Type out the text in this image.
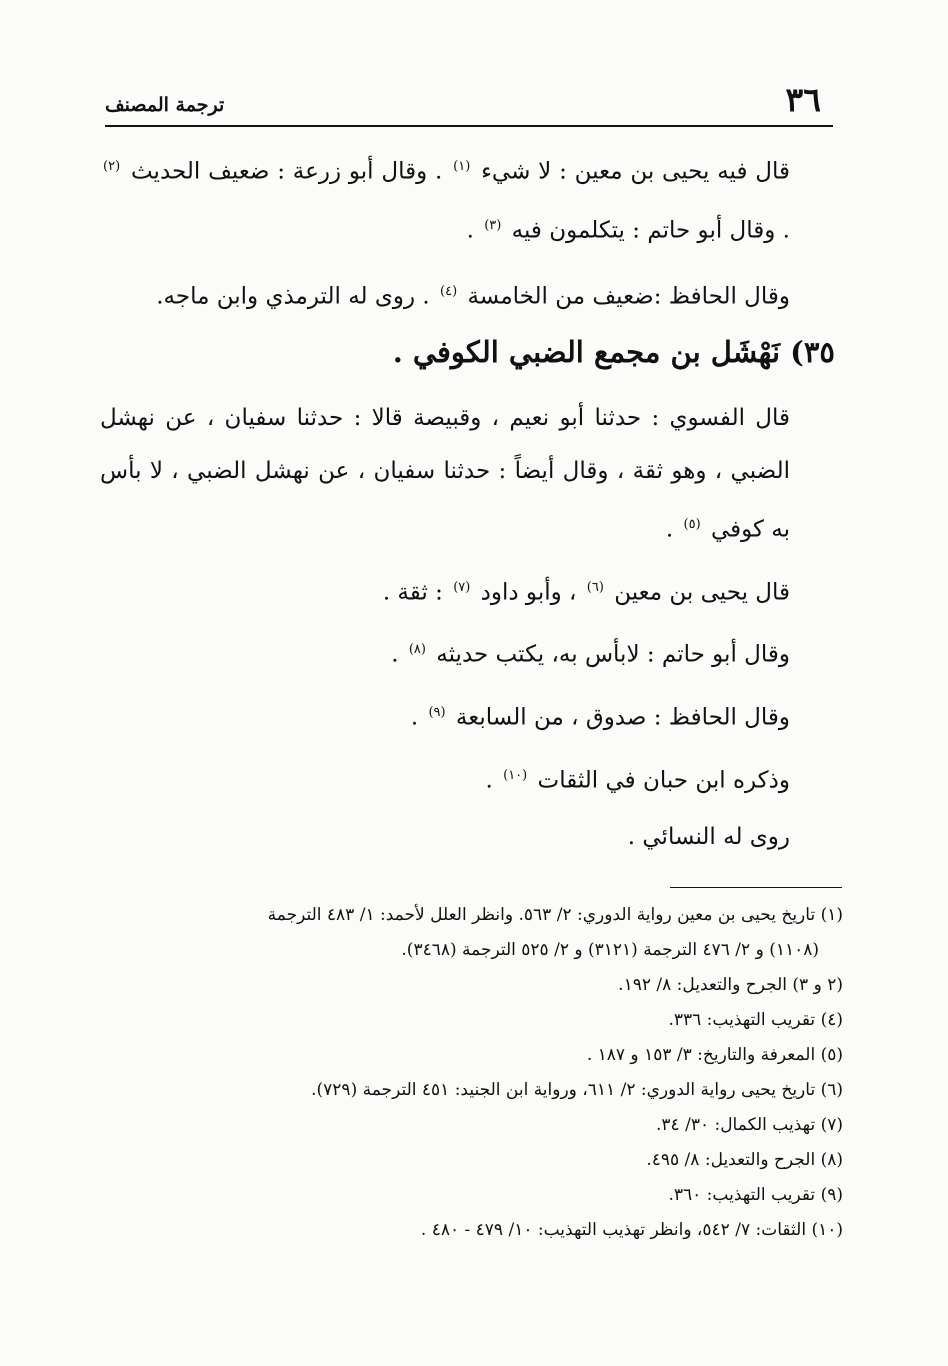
٣٦
ترجمة المصنف

قال فيه يحيى بن معين : لا شيء $^{(١)}$ . وقال أبو زرعة : ضعيف الحديث $^{(٢)}$ . وقال أبو حاتم : يتكلمون فيه $^{(٣)}$ .

وقال الحافظ :ضعيف من الخامسة $^{(٤)}$ . روى له الترمذي وابن ماجه.

٣٥) نَهْشَل بن مجمع الضبي الكوفي .

قال الفسوي : حدثنا أبو نعيم ، وقبيصة قالا : حدثنا سفيان ، عن نهشل الضبي ، وهو ثقة ، وقال أيضاً : حدثنا سفيان ، عن نهشل الضبي ، لا بأس به كوفي $^{(٥)}$ .

قال يحيى بن معين $^{(٦)}$ ، وأبو داود $^{(٧)}$ : ثقة .

وقال أبو حاتم : لابأس به، يكتب حديثه $^{(٨)}$ .

وقال الحافظ : صدوق ، من السابعة $^{(٩)}$ .

وذكره ابن حبان في الثقات $^{(١٠)}$ .

روى له النسائي .

(١) تاريخ يحيى بن معين رواية الدوري: ٢/ ٥٦٣. وانظر العلل لأحمد: ١/ ٤٨٣ الترجمة

(١١٠٨) و ٢/ ٤٧٦ الترجمة (٣١٢١) و ٢/ ٥٢٥ الترجمة (٣٤٦٨).

(٢ و ٣) الجرح والتعديل: ٨/ ١٩٢.

(٤) تقريب التهذيب: ٣٣٦.

(٥) المعرفة والتاريخ: ٣/ ١٥٣ و ١٨٧ .

(٦) تاريخ يحيى رواية الدوري: ٢/ ٦١١، ورواية ابن الجنيد: ٤٥١ الترجمة (٧٢٩).

(٧) تهذيب الكمال: ٣٠/ ٣٤.

(٨) الجرح والتعديل: ٨/ ٤٩٥.

(٩) تقريب التهذيب: ٣٦٠.

(١٠) الثقات: ٧/ ٥٤٢، وانظر تهذيب التهذيب: ١٠/ ٤٧٩ - ٤٨٠ .
